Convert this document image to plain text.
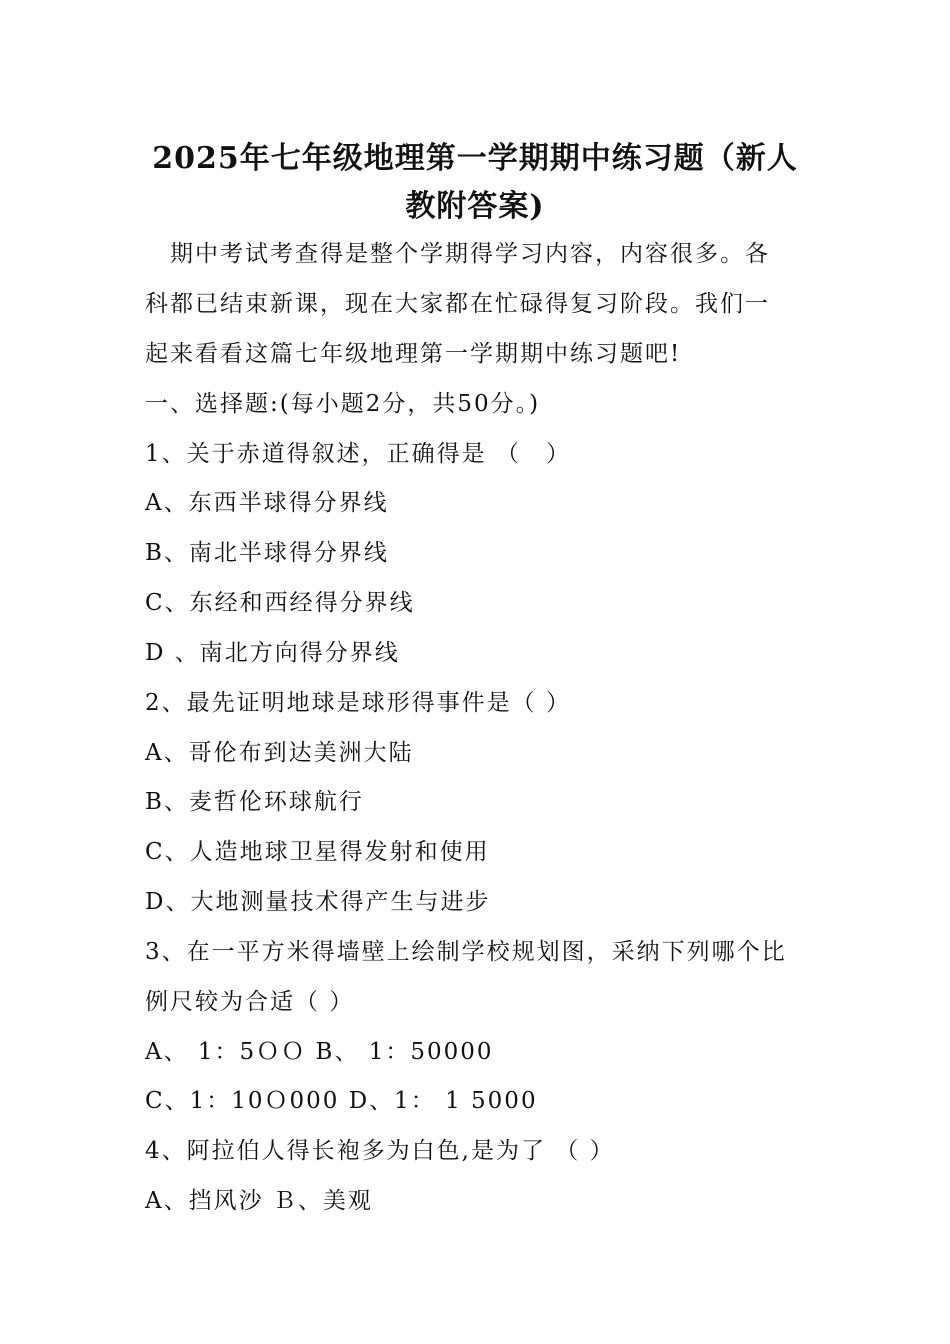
2025年七年级地理第一学期期中练习题（新人
教附答案)
　期中考试考查得是整个学期得学习内容，内容很多。各
科都已结束新课，现在大家都在忙碌得复习阶段。我们一
起来看看这篇七年级地理第一学期期中练习题吧!
一、选择题:(每小题2分，共50分。)
1、关于赤道得叙述，正确得是 （　）
A、东西半球得分界线
B、南北半球得分界线
C、东经和西经得分界线
D 、南北方向得分界线
2、最先证明地球是球形得事件是（ ）
A、哥伦布到达美洲大陆
B、麦哲伦环球航行
C、人造地球卫星得发射和使用
D、大地测量技术得产生与进步
3、在一平方米得墙壁上绘制学校规划图，采纳下列哪个比
例尺较为合适（ ）
A、 1：5ＯＯ B、 1：50000
C、1：10Ｏ000 D、1： 1 5000
4、阿拉伯人得长袍多为白色,是为了 （ ）
A、挡风沙 Ｂ、美观
